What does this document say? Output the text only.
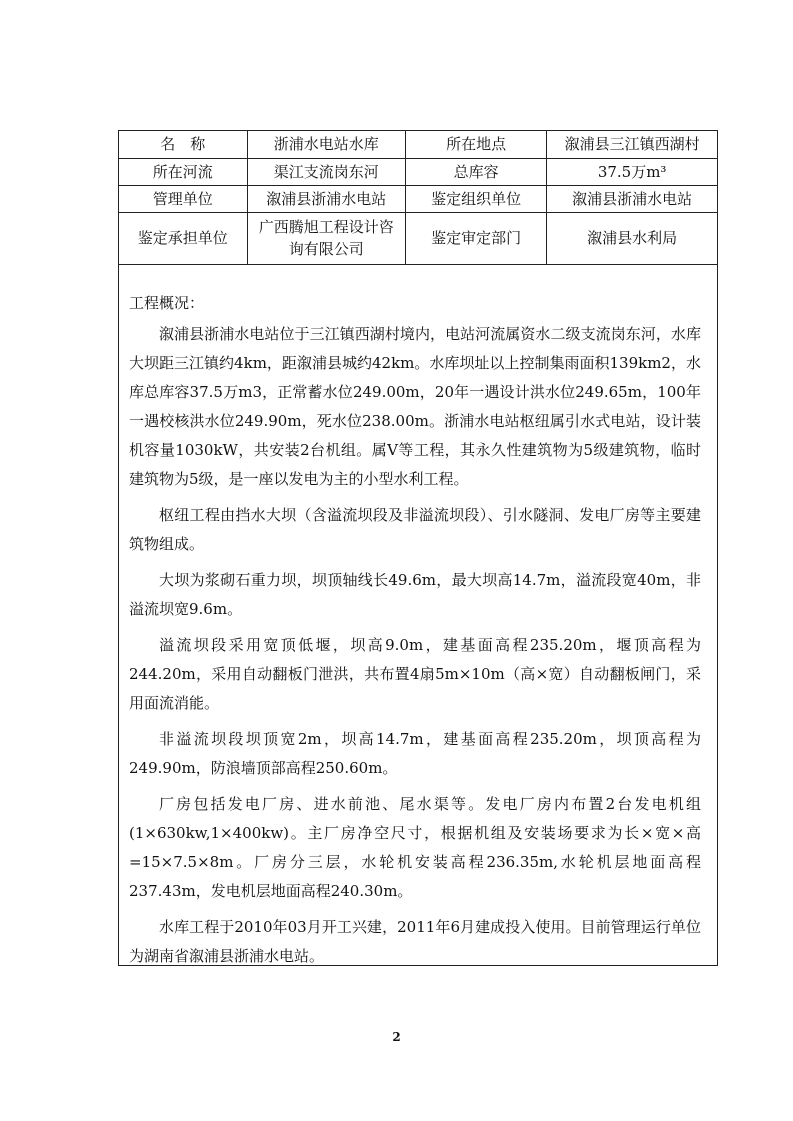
名　称	浙浦水电站水库	所在地点	溆浦县三江镇西湖村
所在河流	渠江支流岗东河	总库容	37.5万m³
管理单位	溆浦县浙浦水电站	鉴定组织单位	溆浦县浙浦水电站
鉴定承担单位	广西腾旭工程设计咨询有限公司	鉴定审定部门	溆浦县水利局

工程概况：

溆浦县浙浦水电站位于三江镇西湖村境内，电站河流属资水二级支流岗东河，水库大坝距三江镇约4km，距溆浦县城约42km。水库坝址以上控制集雨面积139km2，水库总库容37.5万m3，正常蓄水位249.00m，20年一遇设计洪水位249.65m，100年一遇校核洪水位249.90m，死水位238.00m。浙浦水电站枢纽属引水式电站，设计装机容量1030kW，共安装2台机组。属V等工程，其永久性建筑物为5级建筑物，临时建筑物为5级，是一座以发电为主的小型水利工程。

枢纽工程由挡水大坝（含溢流坝段及非溢流坝段）、引水隧洞、发电厂房等主要建筑物组成。

大坝为浆砌石重力坝，坝顶轴线长49.6m，最大坝高14.7m，溢流段宽40m，非溢流坝宽9.6m。

溢流坝段采用宽顶低堰，坝高9.0m，建基面高程235.20m，堰顶高程为244.20m，采用自动翻板门泄洪，共布置4扇5m×10m（高×宽）自动翻板闸门，采用面流消能。

非溢流坝段坝顶宽2m，坝高14.7m，建基面高程235.20m，坝顶高程为249.90m，防浪墙顶部高程250.60m。

厂房包括发电厂房、进水前池、尾水渠等。发电厂房内布置2台发电机组(1×630kw,1×400kw)。主厂房净空尺寸，根据机组及安装场要求为长×宽×高=15×7.5×8m。厂房分三层，水轮机安装高程236.35m,水轮机层地面高程237.43m，发电机层地面高程240.30m。

水库工程于2010年03月开工兴建，2011年6月建成投入使用。目前管理运行单位为湖南省溆浦县浙浦水电站。

2
